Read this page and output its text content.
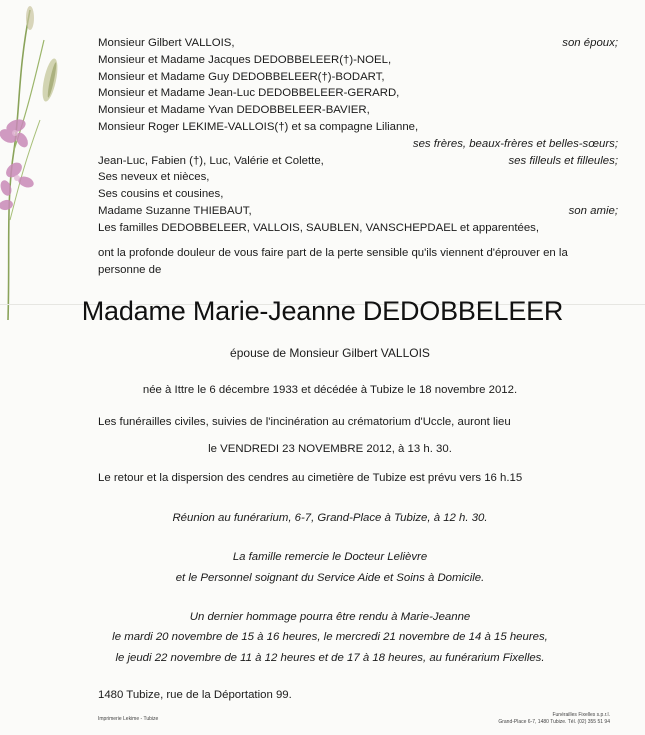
Monsieur Gilbert VALLOIS,	son époux;
Monsieur et Madame Jacques DEDOBBELEER(†)-NOEL,
Monsieur et Madame Guy DEDOBBELEER(†)-BODART,
Monsieur et Madame Jean-Luc DEDOBBELEER-GERARD,
Monsieur et Madame Yvan DEDOBBELEER-BAVIER,
Monsieur Roger LEKIME-VALLOIS(†) et sa compagne Lilianne,
ses frères, beaux-frères et belles-sœurs;
Jean-Luc, Fabien (†), Luc, Valérie et Colette,	ses filleuls et filleules;
Ses neveux et nièces,
Ses cousins et cousines,
Madame Suzanne THIEBAUT,	son amie;
Les familles DEDOBBELEER, VALLOIS, SAUBLEN, VANSCHEPDAEL et apparentées,
ont la profonde douleur de vous faire part de la perte sensible qu'ils viennent d'éprouver en la personne de
Madame Marie-Jeanne DEDOBBELEER
épouse de Monsieur Gilbert VALLOIS
née à Ittre le 6 décembre 1933 et décédée à Tubize le 18 novembre 2012.
Les funérailles civiles, suivies de l'incinération au crématorium d'Uccle, auront lieu
le VENDREDI 23 NOVEMBRE 2012, à 13 h. 30.
Le retour et la dispersion des cendres au cimetière de Tubize est prévu vers 16 h.15
Réunion au funérarium, 6-7, Grand-Place à Tubize, à 12 h. 30.
La famille remercie le Docteur Lelièvre
et le Personnel soignant du Service Aide et Soins à Domicile.
Un dernier hommage pourra être rendu à Marie-Jeanne
le mardi 20 novembre de 15 à 16 heures, le mercredi 21 novembre de 14 à 15 heures,
le jeudi 22 novembre de 11 à 12 heures et de 17 à 18 heures, au funérarium Fixelles.
1480 Tubize, rue de la Déportation 99.
Imprimerie Lekime - Tubize
Funérailles Fixelles s.p.r.l.
Grand-Place 6-7, 1480 Tubize. Tél. (02) 355 51 94
